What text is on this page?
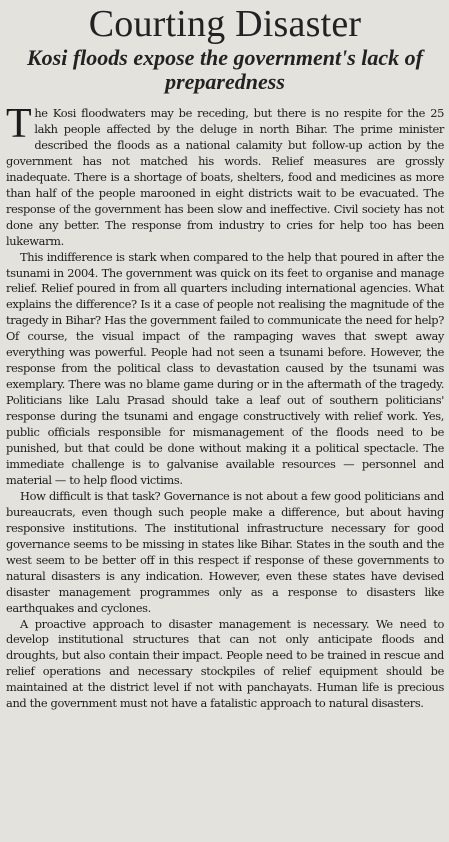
Courting Disaster
Kosi floods expose the government's lack of preparedness

The Kosi floodwaters may be receding, but there is no respite for the 25 lakh people affected by the deluge in north Bihar. The prime minister described the floods as a national calamity but follow-up action by the government has not matched his words. Relief measures are grossly inadequate. There is a shortage of boats, shelters, food and medicines as more than half of the people marooned in eight districts wait to be evacuated. The response of the government has been slow and ineffective. Civil society has not done any better. The response from industry to cries for help too has been lukewarm.

This indifference is stark when compared to the help that poured in after the tsunami in 2004. The government was quick on its feet to organise and manage relief. Relief poured in from all quarters including international agencies. What explains the difference? Is it a case of people not realising the magnitude of the tragedy in Bihar? Has the government failed to communicate the need for help? Of course, the visual impact of the rampaging waves that swept away everything was powerful. People had not seen a tsunami before. However, the response from the political class to devastation caused by the tsunami was exemplary. There was no blame game during or in the aftermath of the tragedy. Politicians like Lalu Prasad should take a leaf out of southern politicians' response during the tsunami and engage constructively with relief work. Yes, public officials responsible for mismanagement of the floods need to be punished, but that could be done without making it a political spectacle. The immediate challenge is to galvanise available resources — personnel and material — to help flood victims.

How difficult is that task? Governance is not about a few good politicians and bureaucrats, even though such people make a difference, but about having responsive institutions. The institutional infrastructure necessary for good governance seems to be missing in states like Bihar. States in the south and the west seem to be better off in this respect if response of these governments to natural disasters is any indication. However, even these states have devised disaster management programmes only as a response to disasters like earthquakes and cyclones.

A proactive approach to disaster management is necessary. We need to develop institutional structures that can not only anticipate floods and droughts, but also contain their impact. People need to be trained in rescue and relief operations and necessary stockpiles of relief equipment should be maintained at the district level if not with panchayats. Human life is precious and the government must not have a fatalistic approach to natural disasters.
